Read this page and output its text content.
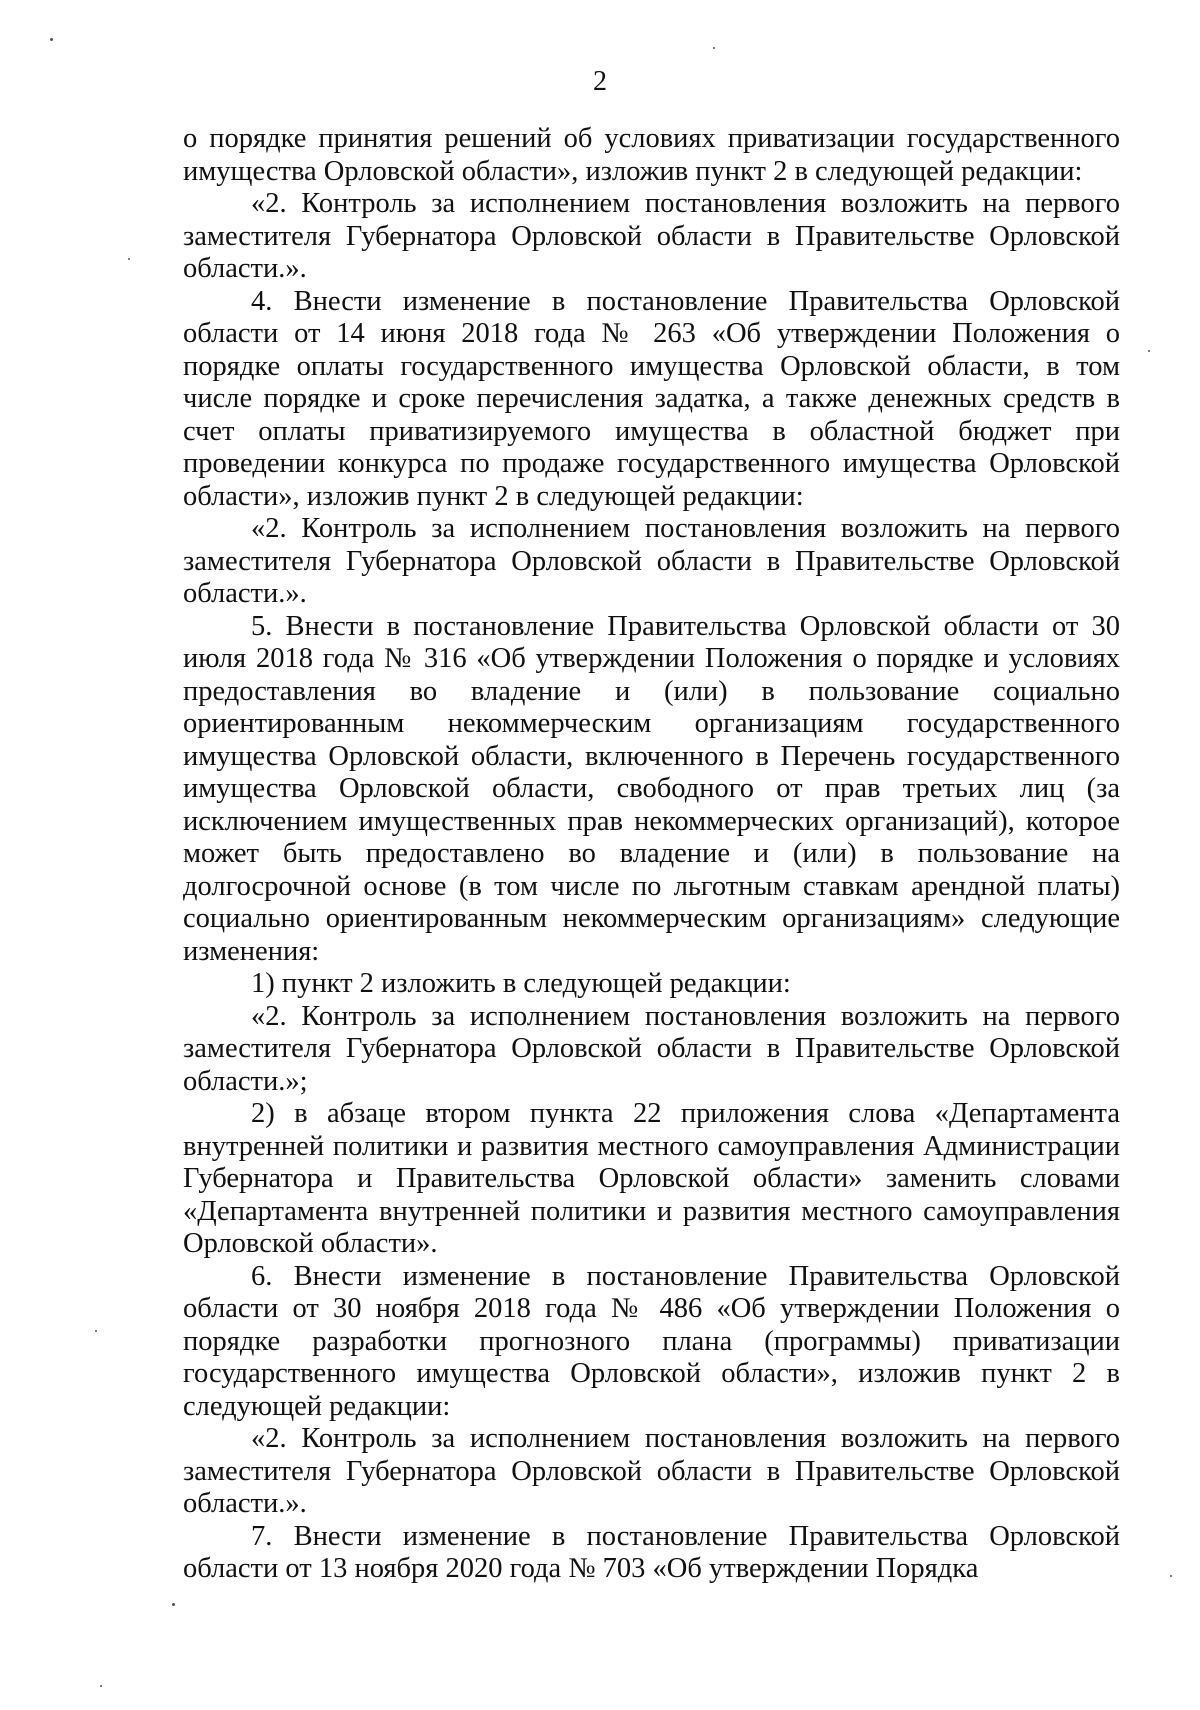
2

о порядке принятия решений об условиях приватизации государственного имущества Орловской области», изложив пункт 2 в следующей редакции:

«2. Контроль за исполнением постановления возложить на первого заместителя Губернатора Орловской области в Правительстве Орловской области.».

4. Внести изменение в постановление Правительства Орловской области от 14 июня 2018 года № 263 «Об утверждении Положения о порядке оплаты государственного имущества Орловской области, в том числе порядке и сроке перечисления задатка, а также денежных средств в счет оплаты приватизируемого имущества в областной бюджет при проведении конкурса по продаже государственного имущества Орловской области», изложив пункт 2 в следующей редакции:

«2. Контроль за исполнением постановления возложить на первого заместителя Губернатора Орловской области в Правительстве Орловской области.».

5. Внести в постановление Правительства Орловской области от 30 июля 2018 года № 316 «Об утверждении Положения о порядке и условиях предоставления во владение и (или) в пользование социально ориентированным некоммерческим организациям государственного имущества Орловской области, включенного в Перечень государственного имущества Орловской области, свободного от прав третьих лиц (за исключением имущественных прав некоммерческих организаций), которое может быть предоставлено во владение и (или) в пользование на долгосрочной основе (в том числе по льготным ставкам арендной платы) социально ориентированным некоммерческим организациям» следующие изменения:

1) пункт 2 изложить в следующей редакции:

«2. Контроль за исполнением постановления возложить на первого заместителя Губернатора Орловской области в Правительстве Орловской области.»;

2) в абзаце втором пункта 22 приложения слова «Департамента внутренней политики и развития местного самоуправления Администрации Губернатора и Правительства Орловской области» заменить словами «Департамента внутренней политики и развития местного самоуправления Орловской области».

6. Внести изменение в постановление Правительства Орловской области от 30 ноября 2018 года № 486 «Об утверждении Положения о порядке разработки прогнозного плана (программы) приватизации государственного имущества Орловской области», изложив пункт 2 в следующей редакции:

«2. Контроль за исполнением постановления возложить на первого заместителя Губернатора Орловской области в Правительстве Орловской области.».

7. Внести изменение в постановление Правительства Орловской области от 13 ноября 2020 года № 703 «Об утверждении Порядка
